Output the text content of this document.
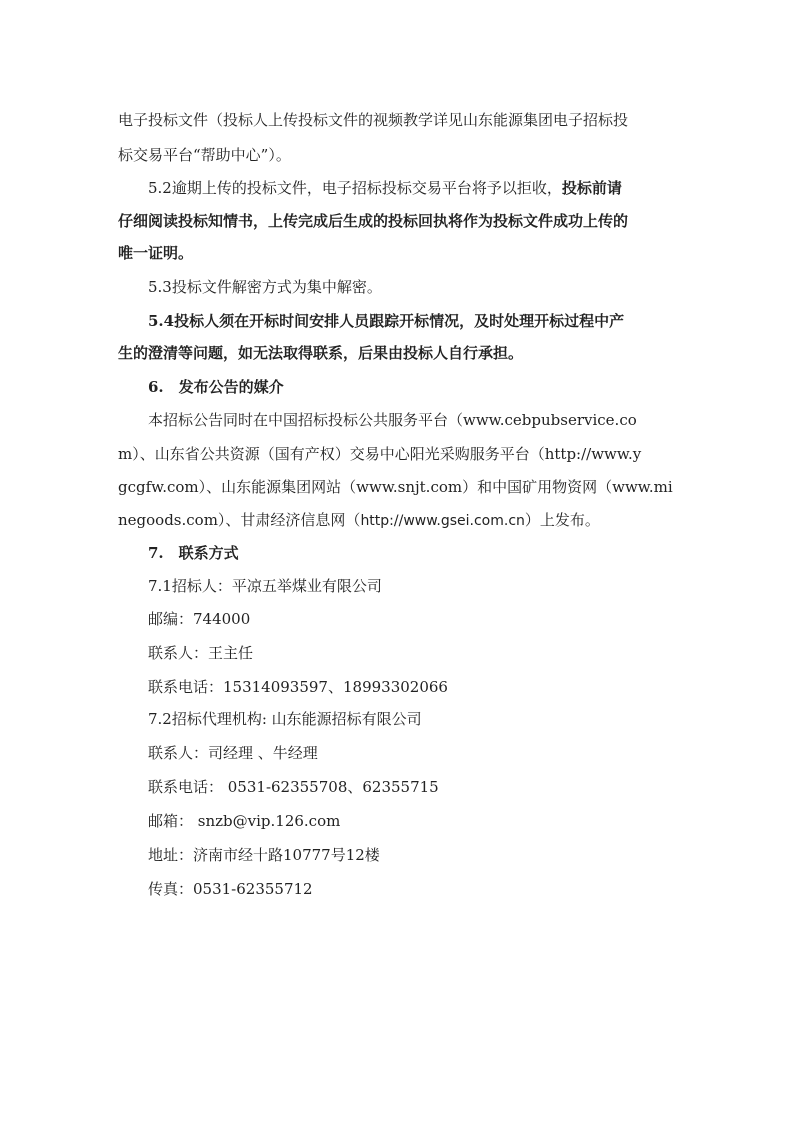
电子投标文件（投标人上传投标文件的视频教学详见山东能源集团电子招标投

标交易平台“帮助中心”）。

5.2逾期上传的投标文件，电子招标投标交易平台将予以拒收，投标前请

仔细阅读投标知情书，上传完成后生成的投标回执将作为投标文件成功上传的

唯一证明。

5.3投标文件解密方式为集中解密。

5.4投标人须在开标时间安排人员跟踪开标情况，及时处理开标过程中产

生的澄清等问题，如无法取得联系，后果由投标人自行承担。

6.　发布公告的媒介

本招标公告同时在中国招标投标公共服务平台（www.cebpubservice.co

m）、山东省公共资源（国有产权）交易中心阳光采购服务平台（http://www.y

gcgfw.com）、山东能源集团网站（www.snjt.com）和中国矿用物资网（www.mi

negoods.com）、甘肃经济信息网（http://www.gsei.com.cn）上发布。

7.　联系方式

7.1招标人：平凉五举煤业有限公司

邮编：744000

联系人：王主任

联系电话：15314093597、18993302066

7.2招标代理机构: 山东能源招标有限公司

联系人：司经理 、牛经理

联系电话： 0531-62355708、62355715

邮箱： snzb@vip.126.com

地址：济南市经十路10777号12楼

传真：0531-62355712
